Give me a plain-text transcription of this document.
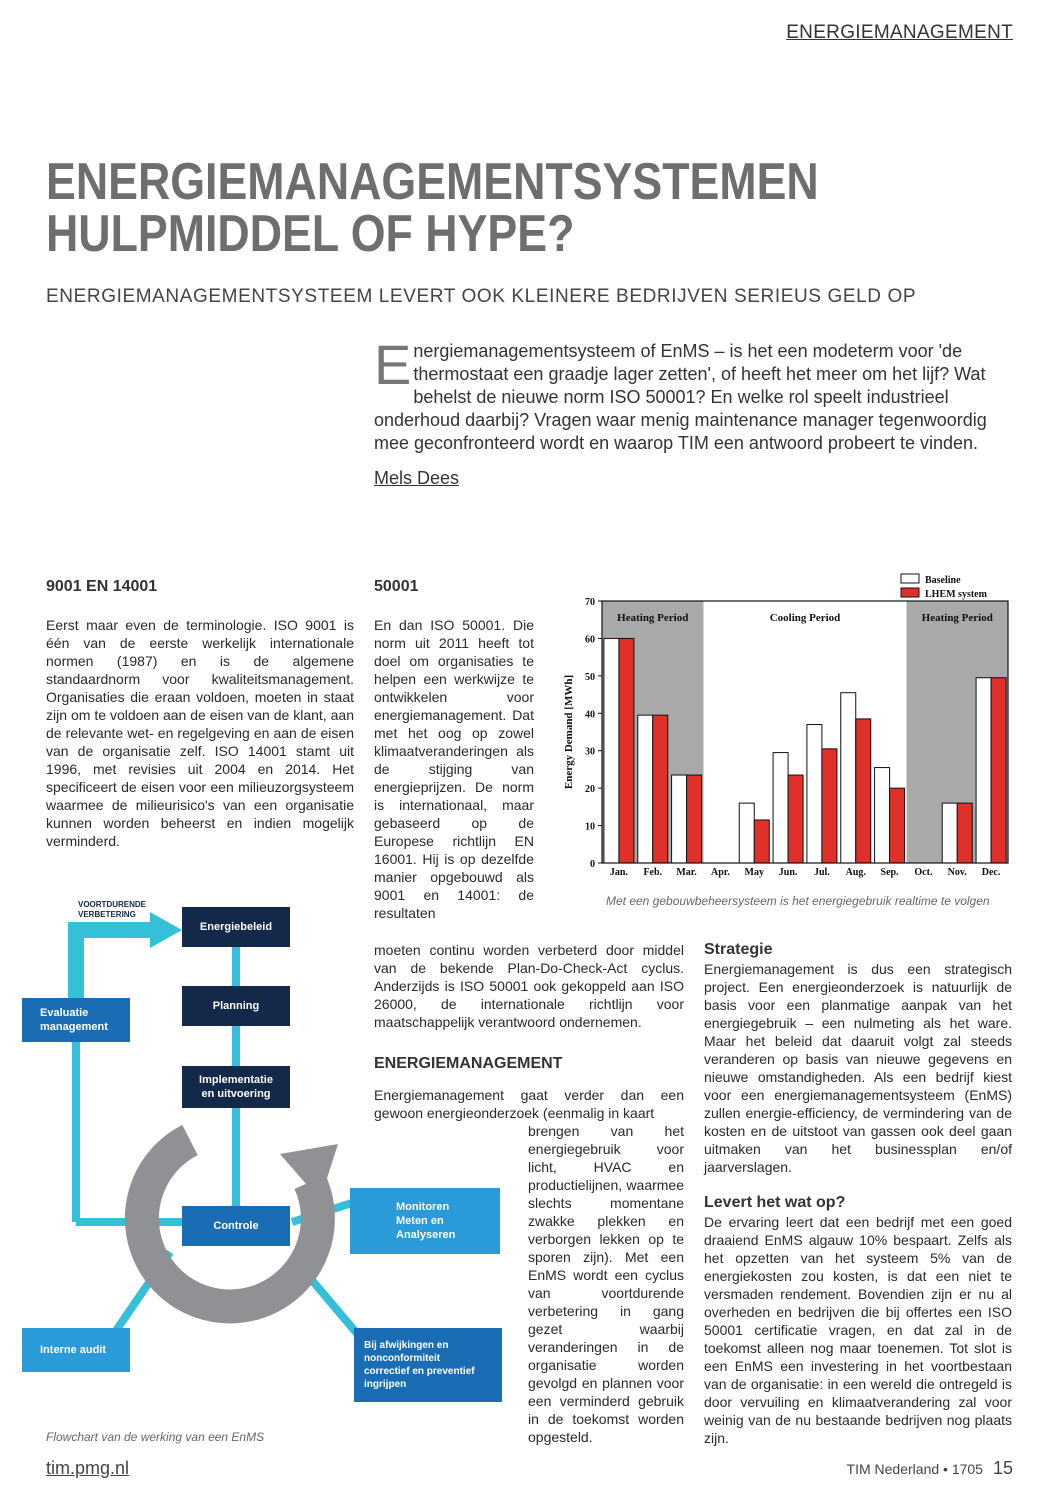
ENERGIEMANAGEMENT
ENERGIEMANAGEMENTSYSTEMEN
HULPMIDDEL OF HYPE?
ENERGIEMANAGEMENTSYSTEEM LEVERT OOK KLEINERE BEDRIJVEN SERIEUS GELD OP
Energiemanagementsysteem of EnMS – is het een modeterm voor 'de thermostaat een graadje lager zetten', of heeft het meer om het lijf? Wat behelst de nieuwe norm ISO 50001? En welke rol speelt industrieel onderhoud daarbij? Vragen waar menig maintenance manager tegenwoordig mee geconfronteerd wordt en waarop TIM een antwoord probeert te vinden.
Mels Dees
9001 EN 14001
Eerst maar even de terminologie. ISO 9001 is één van de eerste werkelijk internationale normen (1987) en is de algemene standaardnorm voor kwaliteitsmanagement. Organisaties die eraan voldoen, moeten in staat zijn om te voldoen aan de eisen van de klant, aan de relevante wet- en regelgeving en aan de eisen van de organisatie zelf. ISO 14001 stamt uit 1996, met revisies uit 2004 en 2014. Het specificeert de eisen voor een milieuzorgsysteem waarmee de milieurisico's van een organisatie kunnen worden beheerst en indien mogelijk verminderd.
50001
En dan ISO 50001. Die norm uit 2011 heeft tot doel om organisaties te helpen een werkwijze te ontwikkelen voor energiemanagement. Dat met het oog op zowel klimaatveranderingen als de stijging van energieprijzen. De norm is internationaal, maar gebaseerd op de Europese richtlijn EN 16001. Hij is op dezelfde manier opgebouwd als 9001 en 14001: de resultaten
moeten continu worden verbeterd door middel van de bekende Plan-Do-Check-Act cyclus. Anderzijds is ISO 50001 ook gekoppeld aan ISO 26000, de internationale richtlijn voor maatschappelijk verantwoord ondernemen.
ENERGIEMANAGEMENT
Energiemanagement gaat verder dan een gewoon energieonderzoek (eenmalig in kaart
brengen van het energiegebruik voor licht, HVAC en productielijnen, waarmee slechts momentane zwakke plekken en verborgen lekken op te sporen zijn). Met een EnMS wordt een cyclus van voortdurende verbetering in gang gezet waarbij veranderingen in de organisatie worden gevolgd en plannen voor een verminderd gebruik in de toekomst worden opgesteld.
Strategie
Energiemanagement is dus een strategisch project. Een energieonderzoek is natuurlijk de basis voor een planmatige aanpak van het energiegebruik – een nulmeting als het ware. Maar het beleid dat daaruit volgt zal steeds veranderen op basis van nieuwe gegevens en nieuwe omstandigheden. Als een bedrijf kiest voor een energiemanagementsysteem (EnMS) zullen energie-efficiency, de vermindering van de kosten en de uitstoot van gassen ook deel gaan uitmaken van het businessplan en/of jaarverslagen.
Levert het wat op?
De ervaring leert dat een bedrijf met een goed draaiend EnMS algauw 10% bespaart. Zelfs als het opzetten van het systeem 5% van de energiekosten zou kosten, is dat een niet te versmaden rendement. Bovendien zijn er nu al overheden en bedrijven die bij offertes een ISO 50001 certificatie vragen, en dat zal in de toekomst alleen nog maar toenemen. Tot slot is een EnMS een investering in het voortbestaan van de organisatie: in een wereld die ontregeld is door vervuiling en klimaatverandering zal voor weinig van de nu bestaande bedrijven nog plaats zijn.
Heating Period	Cooling Period	Heating Period
Jan. Feb. Mar. Apr. May Jun. Jul. Aug. Sep. Oct. Nov. Dec.
0
10
20
30
40
50
60
70
Energy Demand [MWh]
Baseline
LHEM system
Met een gebouwbeheersysteem is het energiegebruik realtime te volgen
VOORTDURENDE
VERBETERING
Energiebeleid
Planning
Implementatie
en uitvoering
Controle
Evaluatie
management
Monitoren
Meten en
Analyseren
Interne audit	Bij afwijkingen en
nonconformiteit
correctief en preventief
ingrijpen
Flowchart van de werking van een EnMS
tim.pmg.nl	TIM Nederland • 1705 15
